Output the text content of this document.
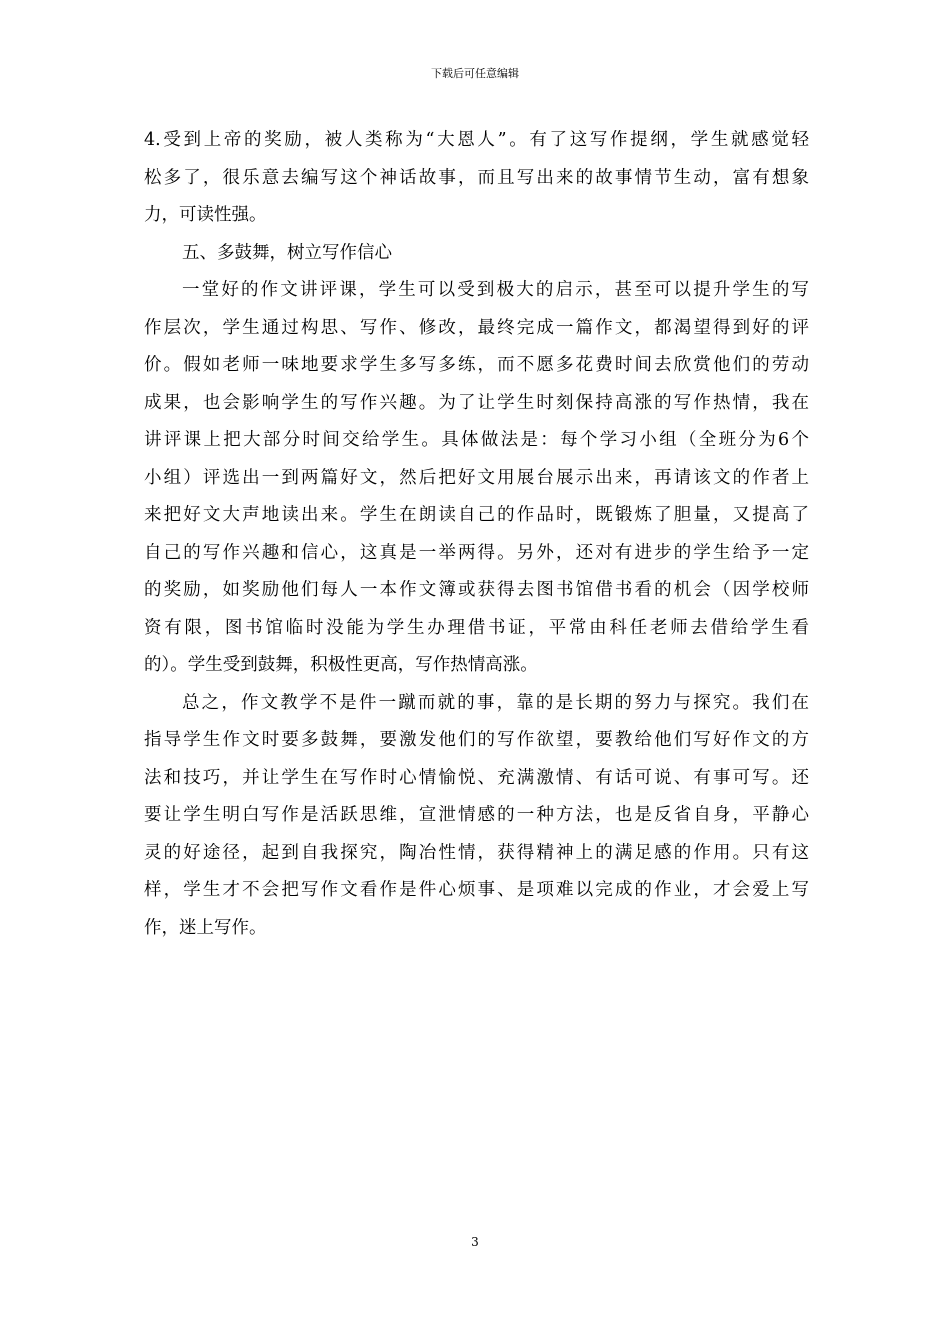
下载后可任意编辑
4.受到上帝的奖励，被人类称为“大恩人”。有了这写作提纲，学生就感觉轻
松多了，很乐意去编写这个神话故事，而且写出来的故事情节生动，富有想象
力，可读性强。
五、多鼓舞，树立写作信心
一堂好的作文讲评课，学生可以受到极大的启示，甚至可以提升学生的写
作层次，学生通过构思、写作、修改，最终完成一篇作文，都渴望得到好的评
价。假如老师一味地要求学生多写多练，而不愿多花费时间去欣赏他们的劳动
成果，也会影响学生的写作兴趣。为了让学生时刻保持高涨的写作热情，我在
讲评课上把大部分时间交给学生。具体做法是：每个学习小组（全班分为6个
小组）评选出一到两篇好文，然后把好文用展台展示出来，再请该文的作者上
来把好文大声地读出来。学生在朗读自己的作品时，既锻炼了胆量，又提高了
自己的写作兴趣和信心，这真是一举两得。另外，还对有进步的学生给予一定
的奖励，如奖励他们每人一本作文簿或获得去图书馆借书看的机会（因学校师
资有限，图书馆临时没能为学生办理借书证，平常由科任老师去借给学生看
的）。学生受到鼓舞，积极性更高，写作热情高涨。
总之，作文教学不是件一蹴而就的事，靠的是长期的努力与探究。我们在
指导学生作文时要多鼓舞，要激发他们的写作欲望，要教给他们写好作文的方
法和技巧，并让学生在写作时心情愉悦、充满激情、有话可说、有事可写。还
要让学生明白写作是活跃思维，宣泄情感的一种方法，也是反省自身，平静心
灵的好途径，起到自我探究，陶冶性情，获得精神上的满足感的作用。只有这
样，学生才不会把写作文看作是件心烦事、是项难以完成的作业，才会爱上写
作，迷上写作。
3
